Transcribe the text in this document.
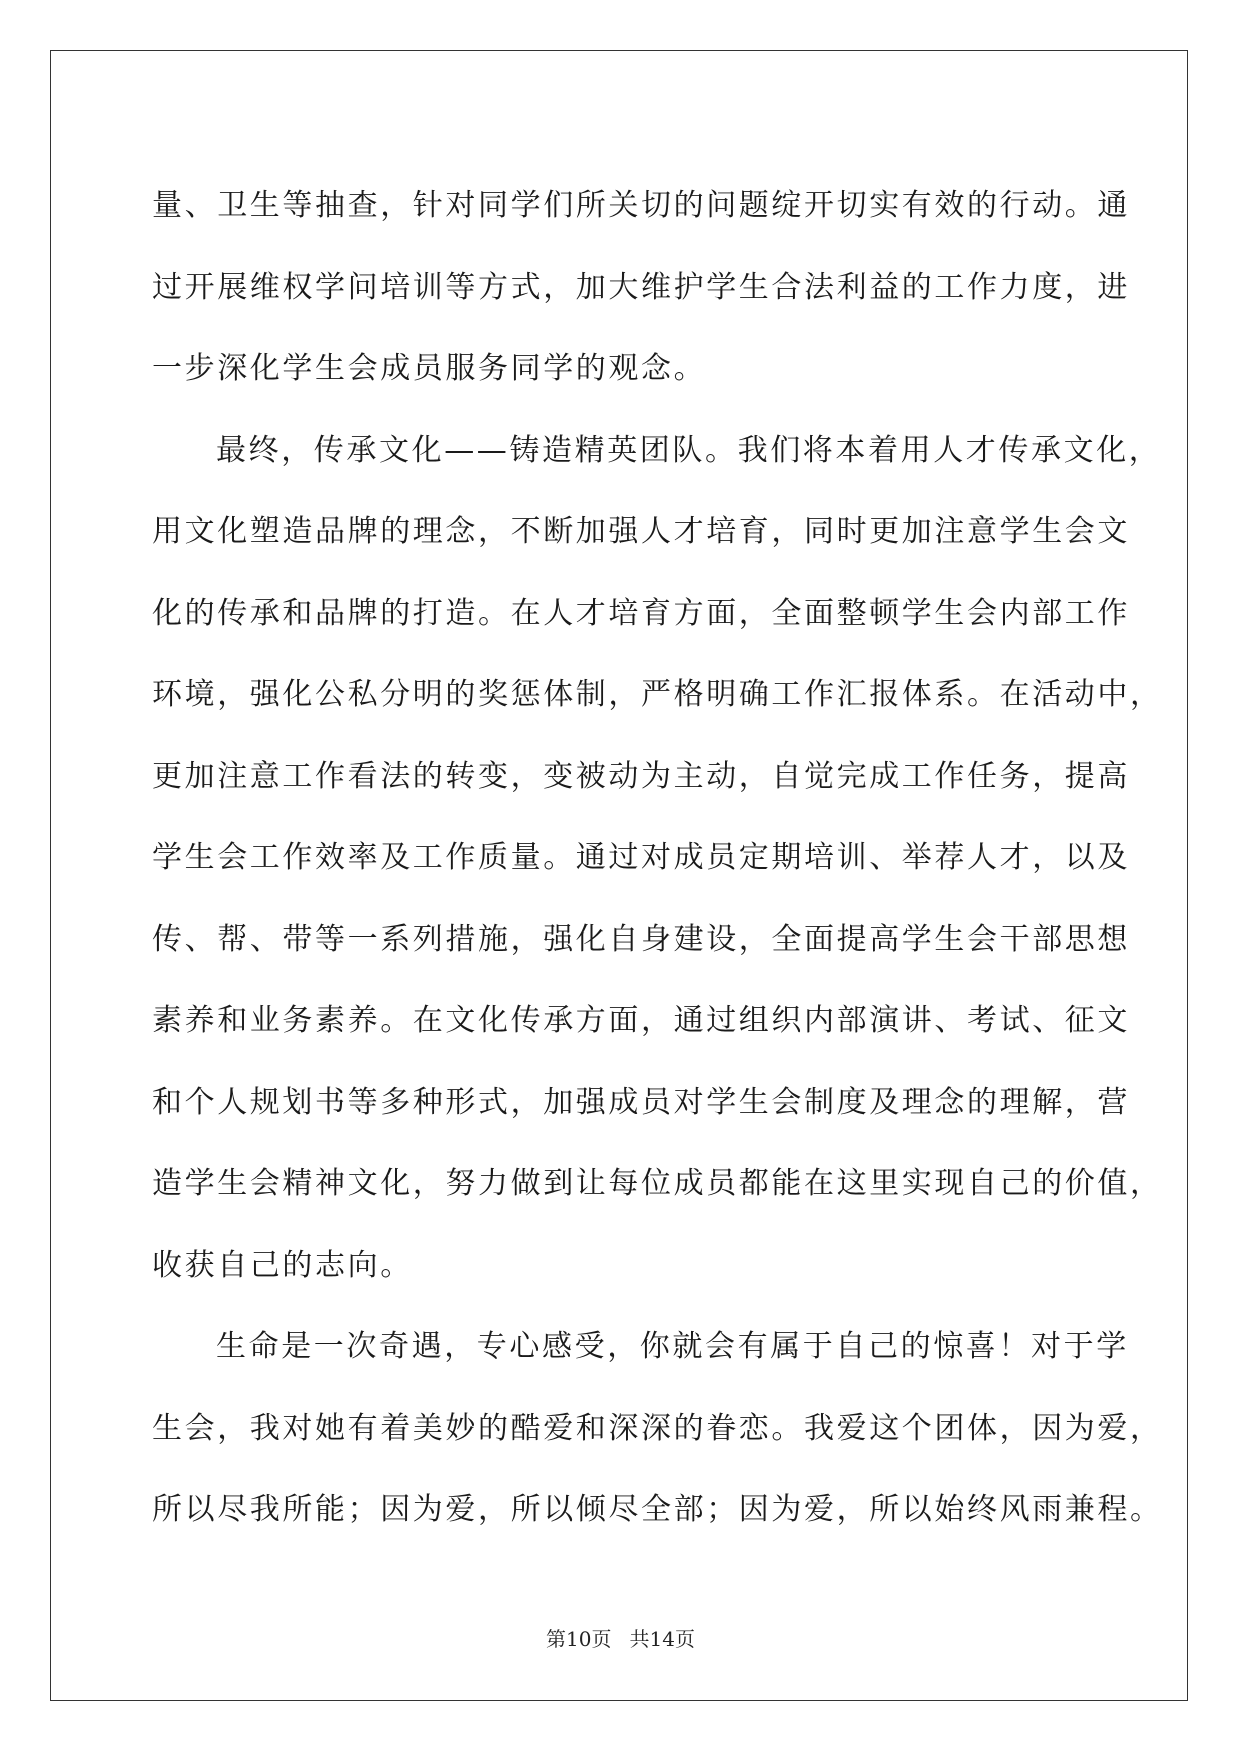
量、卫生等抽查，针对同学们所关切的问题绽开切实有效的行动。通
过开展维权学问培训等方式，加大维护学生合法利益的工作力度，进
一步深化学生会成员服务同学的观念。
最终，传承文化——铸造精英团队。我们将本着用人才传承文化，
用文化塑造品牌的理念，不断加强人才培育，同时更加注意学生会文
化的传承和品牌的打造。在人才培育方面，全面整顿学生会内部工作
环境，强化公私分明的奖惩体制，严格明确工作汇报体系。在活动中，
更加注意工作看法的转变，变被动为主动，自觉完成工作任务，提高
学生会工作效率及工作质量。通过对成员定期培训、举荐人才，以及
传、帮、带等一系列措施，强化自身建设，全面提高学生会干部思想
素养和业务素养。在文化传承方面，通过组织内部演讲、考试、征文
和个人规划书等多种形式，加强成员对学生会制度及理念的理解，营
造学生会精神文化，努力做到让每位成员都能在这里实现自己的价值，
收获自己的志向。
生命是一次奇遇，专心感受，你就会有属于自己的惊喜！对于学
生会，我对她有着美妙的酷爱和深深的眷恋。我爱这个团体，因为爱，
所以尽我所能；因为爱，所以倾尽全部；因为爱，所以始终风雨兼程。
第10页 共14页
